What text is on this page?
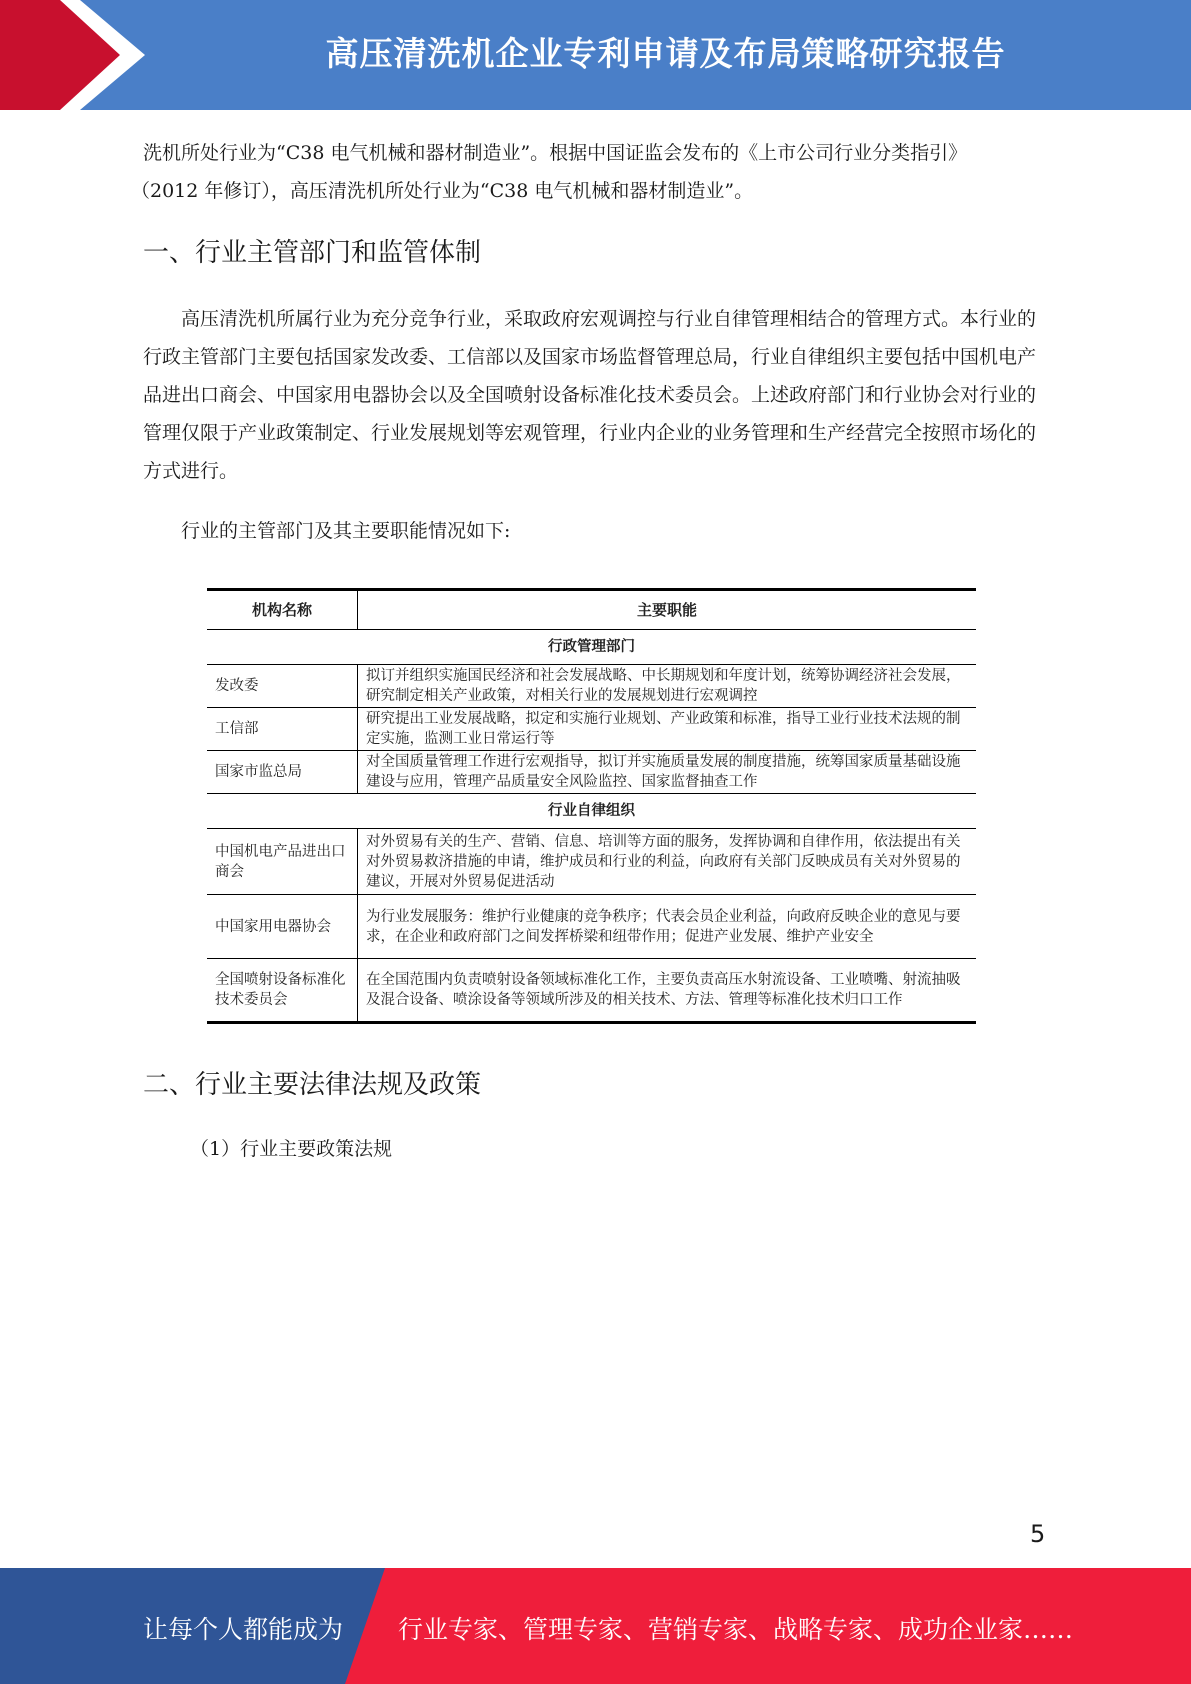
高压清洗机企业专利申请及布局策略研究报告

洗机所处行业为“C38 电气机械和器材制造业”。根据中国证监会发布的《上市公司行业分类指引》

（2012 年修订），高压清洗机所处行业为“C38 电气机械和器材制造业”。

一、行业主管部门和监管体制

高压清洗机所属行业为充分竞争行业，采取政府宏观调控与行业自律管理相结合的管理方式。本行业的行政主管部门主要包括国家发改委、工信部以及国家市场监督管理总局，行业自律组织主要包括中国机电产品进出口商会、中国家用电器协会以及全国喷射设备标准化技术委员会。上述政府部门和行业协会对行业的管理仅限于产业政策制定、行业发展规划等宏观管理，行业内企业的业务管理和生产经营完全按照市场化的方式进行。

行业的主管部门及其主要职能情况如下:

机构名称	主要职能
行政管理部门	
发改委	拟订并组织实施国民经济和社会发展战略、中长期规划和年度计划，统筹协调经济社会发展，研究制定相关产业政策，对相关行业的发展规划进行宏观调控
工信部	研究提出工业发展战略，拟定和实施行业规划、产业政策和标准，指导工业行业技术法规的制定实施，监测工业日常运行等
国家市监总局	对全国质量管理工作进行宏观指导，拟订并实施质量发展的制度措施，统筹国家质量基础设施建设与应用，管理产品质量安全风险监控、国家监督抽查工作
行业自律组织	
中国机电产品进出口商会	对外贸易有关的生产、营销、信息、培训等方面的服务，发挥协调和自律作用，依法提出有关对外贸易救济措施的申请，维护成员和行业的利益，向政府有关部门反映成员有关对外贸易的建议，开展对外贸易促进活动
中国家用电器协会	为行业发展服务：维护行业健康的竞争秩序；代表会员企业利益，向政府反映企业的意见与要求，在企业和政府部门之间发挥桥梁和纽带作用；促进产业发展、维护产业安全
全国喷射设备标准化技术委员会	在全国范围内负责喷射设备领域标准化工作，主要负责高压水射流设备、工业喷嘴、射流抽吸及混合设备、喷涂设备等领域所涉及的相关技术、方法、管理等标准化技术归口工作
二、行业主要法律法规及政策

（1）行业主要政策法规

5
让每个人都能成为 行业专家、管理专家、营销专家、战略专家、成功企业家……
